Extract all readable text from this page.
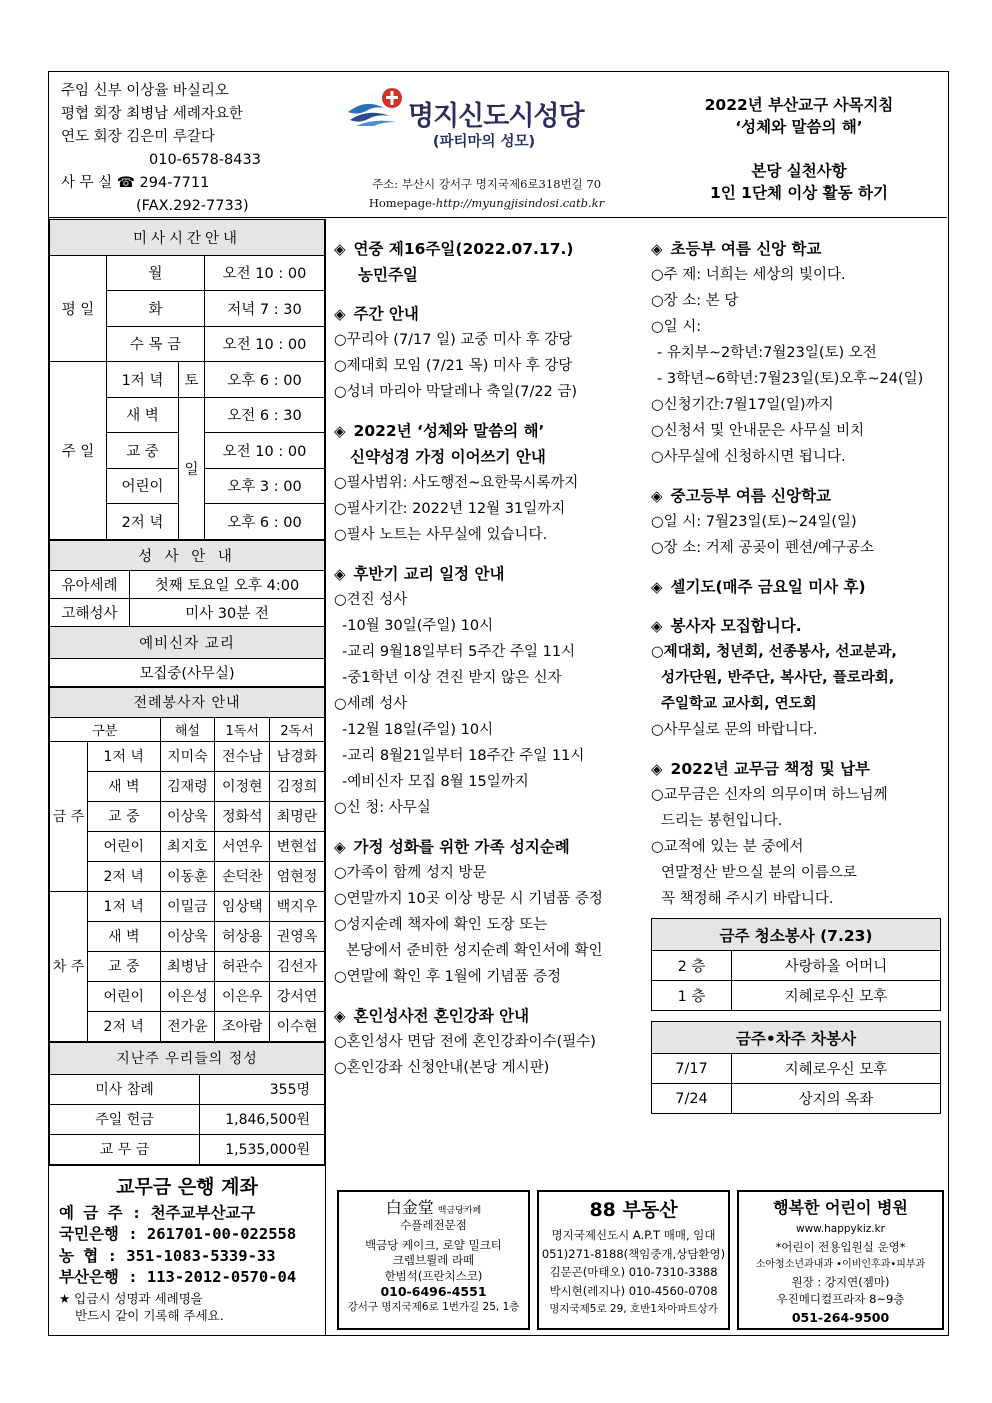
주임 신부 이상율 바실리오
평협 회장 최병남 세례자요한
연도 회장 김은미 루갈다
010-6578-8433
사 무 실 ☎ 294-7711
(FAX.292-7733)
명지신도시성당
(파티마의 성모)
주소: 부산시 강서구 명지국제6로318번길 70
Homepage-http://myungjisindosi.catb.kr
2022년 부산교구 사목지침
‘성체와 말씀의 해’
본당 실천사항
1인 1단체 이상 활동 하기
미사시간안내			
평 일	월		오전 10 : 00
	화		저녁 7 : 30
	수 목 금		오전 10 : 00
주 일	1저 녁	토	오후 6 : 00
	새 벽	일	오전 6 : 30
	교 중		오전 10 : 00
	어린이		오후 3 : 00
	2저 녁		오후 6 : 00
성 사 안 내	
유아세례	첫째 토요일 오후 4:00
고해성사	미사 30분 전
예비신자 교리	
모집중(사무실)	
전례봉사자 안내				
구분		해설	1독서	2독서
금 주	1저 녁	지미숙	전수남	남경화
	새 벽	김재령	이정현	김정희
	교 중	이상욱	정화석	최명란
	어린이	최지호	서연우	변현섭
	2저 녁	이동훈	손덕찬	엄현정
차 주	1저 녁	이밀금	임상택	백지우
	새 벽	이상욱	허상용	권영옥
	교 중	최병남	허관수	김선자
	어린이	이은성	이은우	강서연
	2저 녁	전가윤	조아람	이수현
지난주 우리들의 정성	
미사 참례	355명
주일 헌금	1,846,500원
교 무 금	1,535,000원
교무금 은행 계좌
예 금 주 : 천주교부산교구
국민은행 : 261701-00-022558
농 협 : 351-1083-5339-33
부산은행 : 113-2012-0570-04
★ 입금시 성명과 세례명을
반드시 같이 기록해 주세요.
◈ 연중 제16주일(2022.07.17.)
농민주일
◈ 주간 안내
○꾸리아 (7/17 일) 교중 미사 후 강당
○제대회 모임 (7/21 목) 미사 후 강당
○성녀 마리아 막달레나 축일(7/22 금)
◈ 2022년 ‘성체와 말씀의 해’
신약성경 가정 이어쓰기 안내
○필사범위: 사도행전~요한묵시록까지
○필사기간: 2022년 12월 31일까지
○필사 노트는 사무실에 있습니다.
◈ 후반기 교리 일정 안내
○견진 성사
-10월 30일(주일) 10시
-교리 9월18일부터 5주간 주일 11시
-중1학년 이상 견진 받지 않은 신자
○세례 성사
-12월 18일(주일) 10시
-교리 8월21일부터 18주간 주일 11시
-예비신자 모집 8월 15일까지
○신 청: 사무실
◈ 가정 성화를 위한 가족 성지순례
○가족이 함께 성지 방문
○연말까지 10곳 이상 방문 시 기념품 증정
○성지순례 책자에 확인 도장 또는
본당에서 준비한 성지순례 확인서에 확인
○연말에 확인 후 1월에 기념품 증정
◈ 혼인성사전 혼인강좌 안내
○혼인성사 면담 전에 혼인강좌이수(필수)
○혼인강좌 신청안내(본당 게시판)
◈ 초등부 여름 신앙 학교
○주 제: 너희는 세상의 빛이다.
○장 소: 본 당
○일 시:
- 유치부~2학년:7월23일(토) 오전
- 3학년~6학년:7월23일(토)오후~24(일)
○신청기간:7월17일(일)까지
○신청서 및 안내문은 사무실 비치
○사무실에 신청하시면 됩니다.
◈ 중고등부 여름 신앙학교
○일 시: 7월23일(토)~24일(일)
○장 소: 거제 공곶이 펜션/예구공소
◈ 셀기도(매주 금요일 미사 후)
◈ 봉사자 모집합니다.
○제대회, 청년회, 선종봉사, 선교분과,
성가단원, 반주단, 복사단, 플로라회,
주일학교 교사회, 연도회
○사무실로 문의 바랍니다.
◈ 2022년 교무금 책정 및 납부
○교무금은 신자의 의무이며 하느님께
드리는 봉헌입니다.
○교적에 있는 분 중에서
연말정산 받으실 분의 이름으로
꼭 책정해 주시기 바랍니다.
금주 청소봉사 (7.23)	
2 층	사랑하올 어머니
1 층	지혜로우신 모후
금주•차주 차봉사	
7/17	지혜로우신 모후
7/24	상지의 옥좌
白金堂 백금당카페
수플레전문점
백금당 케이크, 로얄 밀크티
크렘브륄레 라떼
한범석(프란치스코)
010-6496-4551
강서구 명지국제6로 1번가길 25, 1층
88 부동산
명지국제신도시 A.P.T 매매, 임대
051)271-8188(책임중개,상담환영)
김문곤(마태오) 010-7310-3388
박시현(레지나) 010-4560-0708
명지국제5로 29, 호반1차아파트상가
행복한 어린이 병원
www.happykiz.kr
*어린이 전용입원실 운영*
소아청소년과내과 •이비인후과•피부과
원장 : 강지연(젬마)
우진메디컬프라자 8~9층
051-264-9500
